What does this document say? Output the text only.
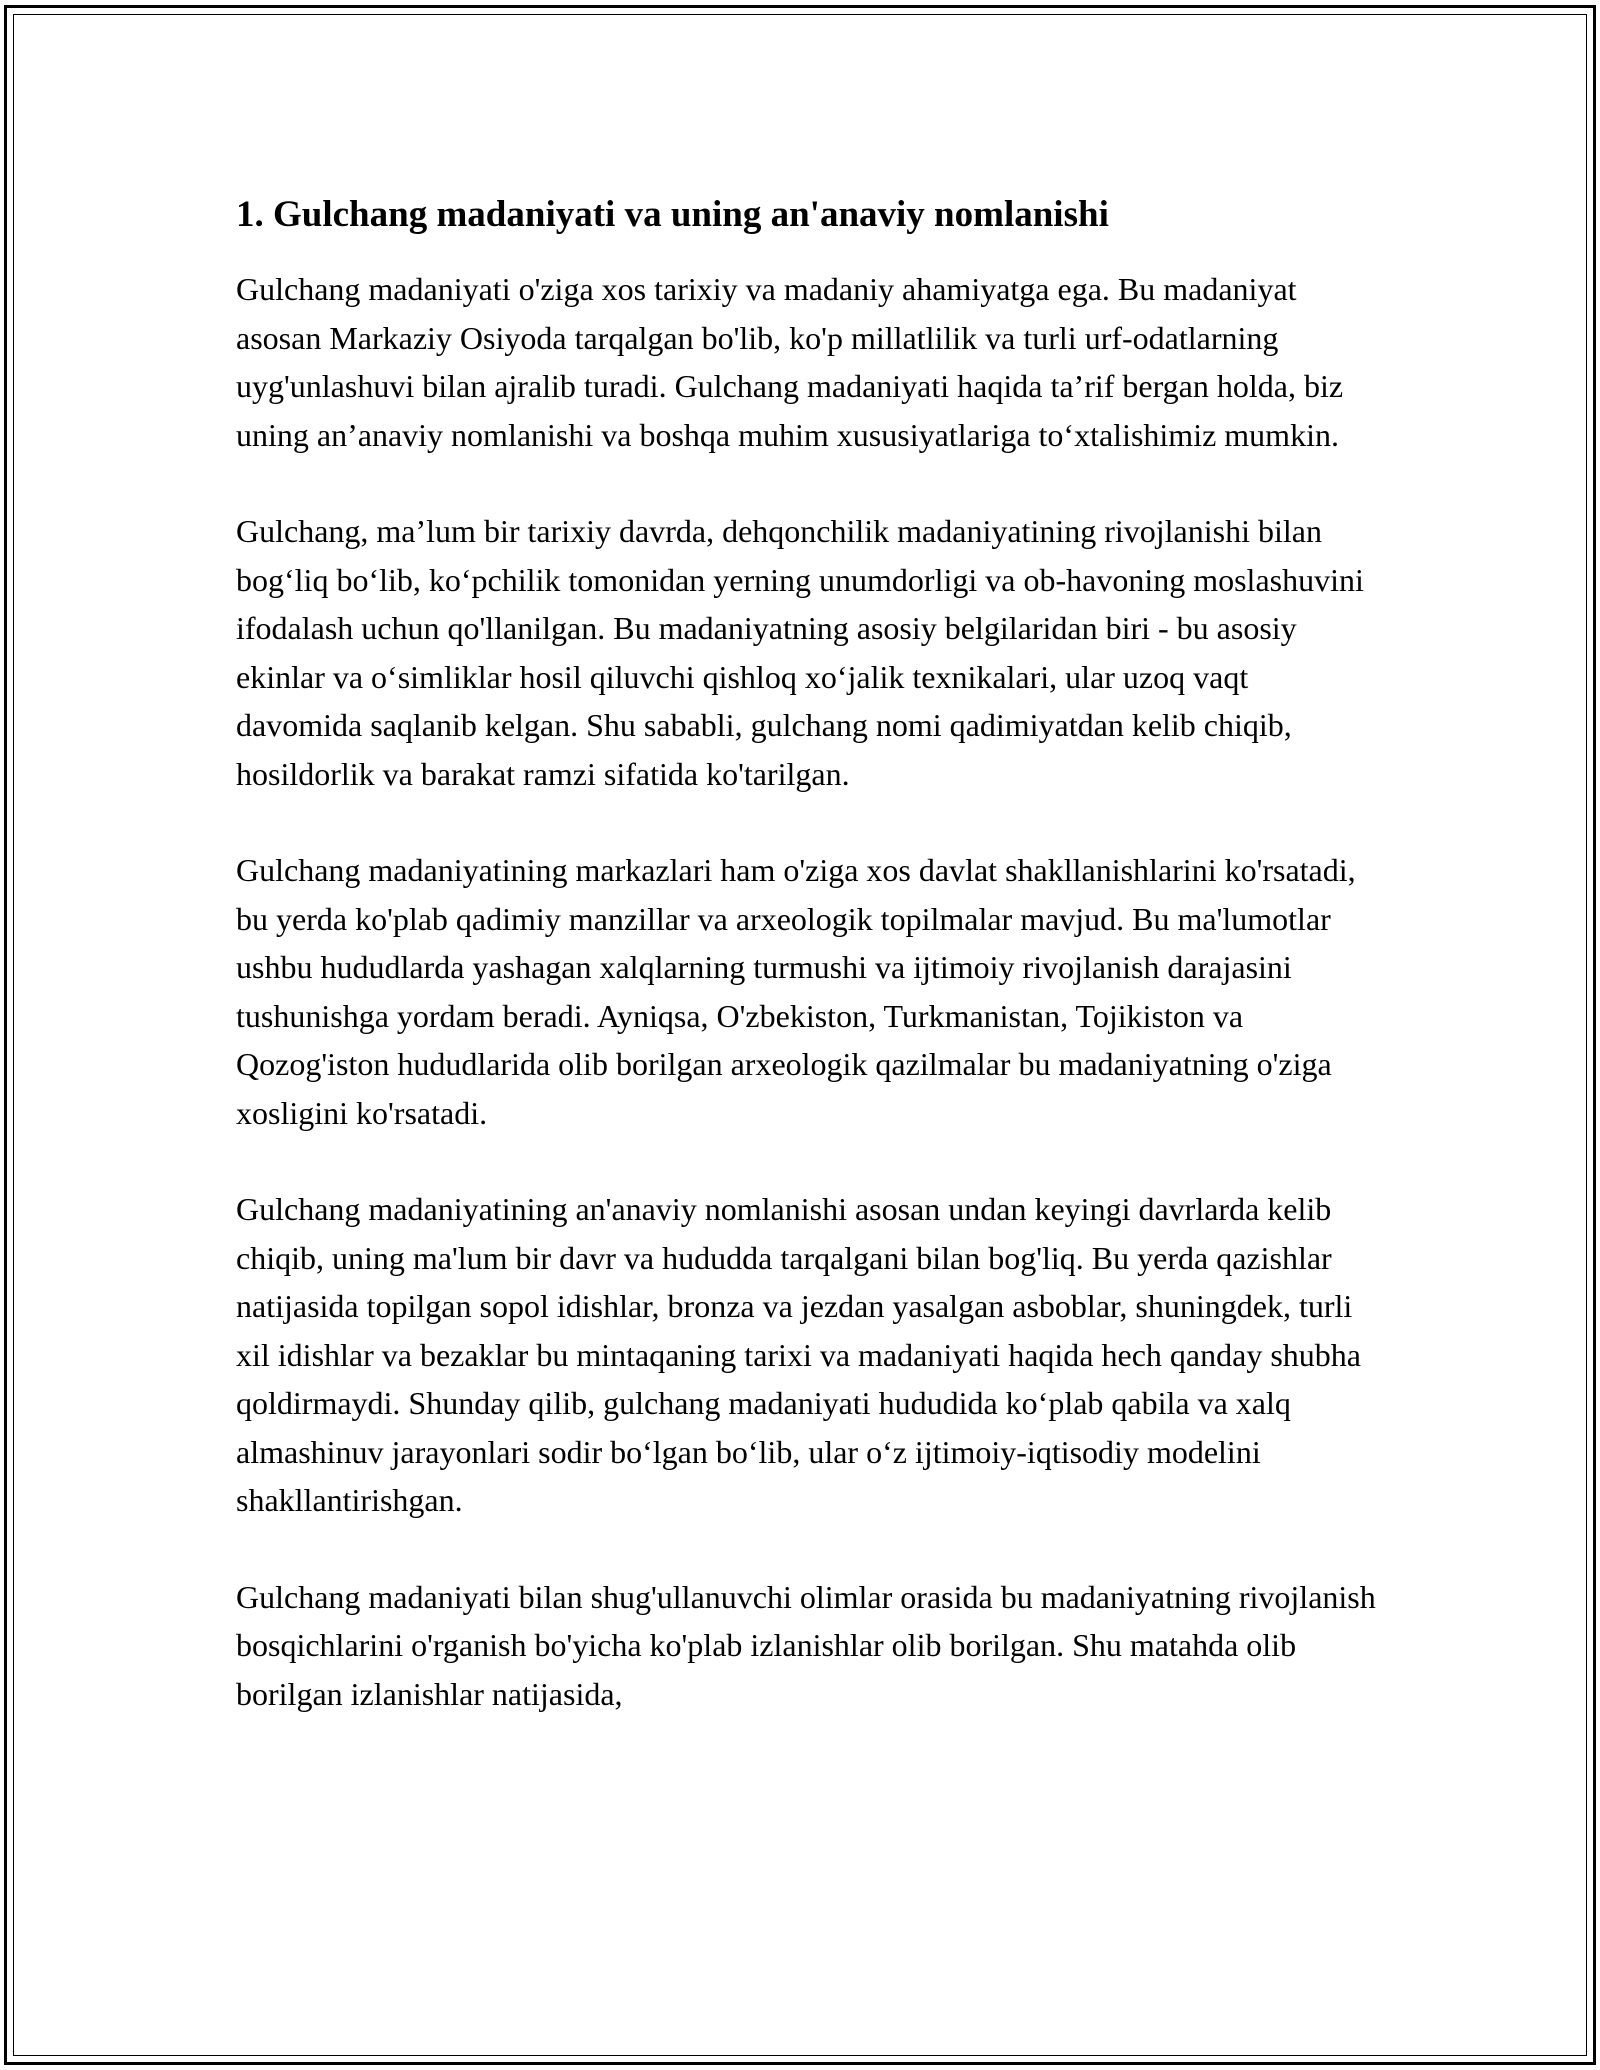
1. Gulchang madaniyati va uning an'anaviy nomlanishi

Gulchang madaniyati o'ziga xos tarixiy va madaniy ahamiyatga ega. Bu madaniyat asosan Markaziy Osiyoda tarqalgan bo'lib, ko'p millatlilik va turli urf-odatlarning uyg'unlashuvi bilan ajralib turadi. Gulchang madaniyati haqida ta’rif bergan holda, biz uning an’anaviy nomlanishi va boshqa muhim xususiyatlariga to‘xtalishimiz mumkin.

Gulchang, ma’lum bir tarixiy davrda, dehqonchilik madaniyatining rivojlanishi bilan bog‘liq bo‘lib, ko‘pchilik tomonidan yerning unumdorligi va ob-havoning moslashuvini ifodalash uchun qo'llanilgan. Bu madaniyatning asosiy belgilaridan biri - bu asosiy ekinlar va o‘simliklar hosil qiluvchi qishloq xo‘jalik texnikalari, ular uzoq vaqt davomida saqlanib kelgan. Shu sababli, gulchang nomi qadimiyatdan kelib chiqib, hosildorlik va barakat ramzi sifatida ko'tarilgan.

Gulchang madaniyatining markazlari ham o'ziga xos davlat shakllanishlarini ko'rsatadi, bu yerda ko'plab qadimiy manzillar va arxeologik topilmalar mavjud. Bu ma'lumotlar ushbu hududlarda yashagan xalqlarning turmushi va ijtimoiy rivojlanish darajasini tushunishga yordam beradi. Ayniqsa, O'zbekiston, Turkmanistan, Tojikiston va Qozog'iston hududlarida olib borilgan arxeologik qazilmalar bu madaniyatning o'ziga xosligini ko'rsatadi.

Gulchang madaniyatining an'anaviy nomlanishi asosan undan keyingi davrlarda kelib chiqib, uning ma'lum bir davr va hududda tarqalgani bilan bog'liq. Bu yerda qazishlar natijasida topilgan sopol idishlar, bronza va jezdan yasalgan asboblar, shuningdek, turli xil idishlar va bezaklar bu mintaqaning tarixi va madaniyati haqida hech qanday shubha qoldirmaydi. Shunday qilib, gulchang madaniyati hududida ko‘plab qabila va xalq almashinuv jarayonlari sodir bo‘lgan bo‘lib, ular o‘z ijtimoiy-iqtisodiy modelini shakllantirishgan.

Gulchang madaniyati bilan shug'ullanuvchi olimlar orasida bu madaniyatning rivojlanish bosqichlarini o'rganish bo'yicha ko'plab izlanishlar olib borilgan. Shu matahda olib borilgan izlanishlar natijasida,
